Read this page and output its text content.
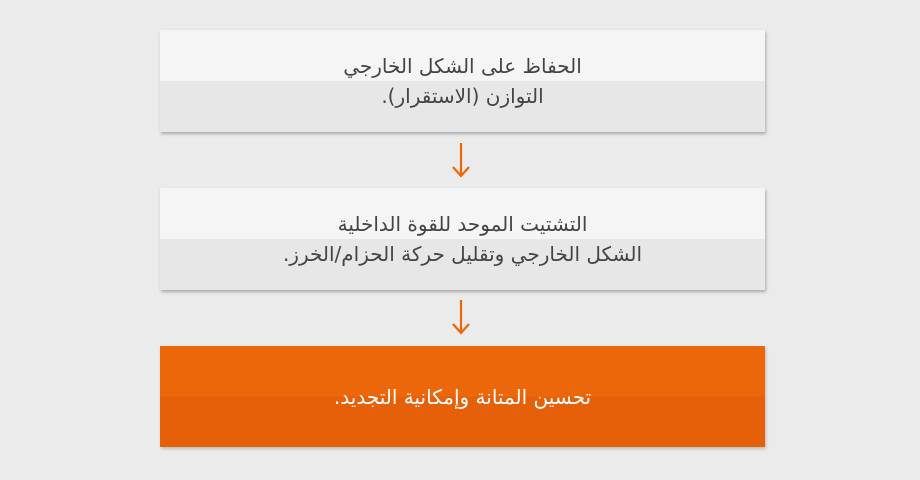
الحفاظ على الشكل الخارجي
التوازن (الاستقرار).
التشتيت الموحد للقوة الداخلية
الشكل الخارجي وتقليل حركة الحزام/الخرز.
تحسين المتانة وإمكانية التجديد.
